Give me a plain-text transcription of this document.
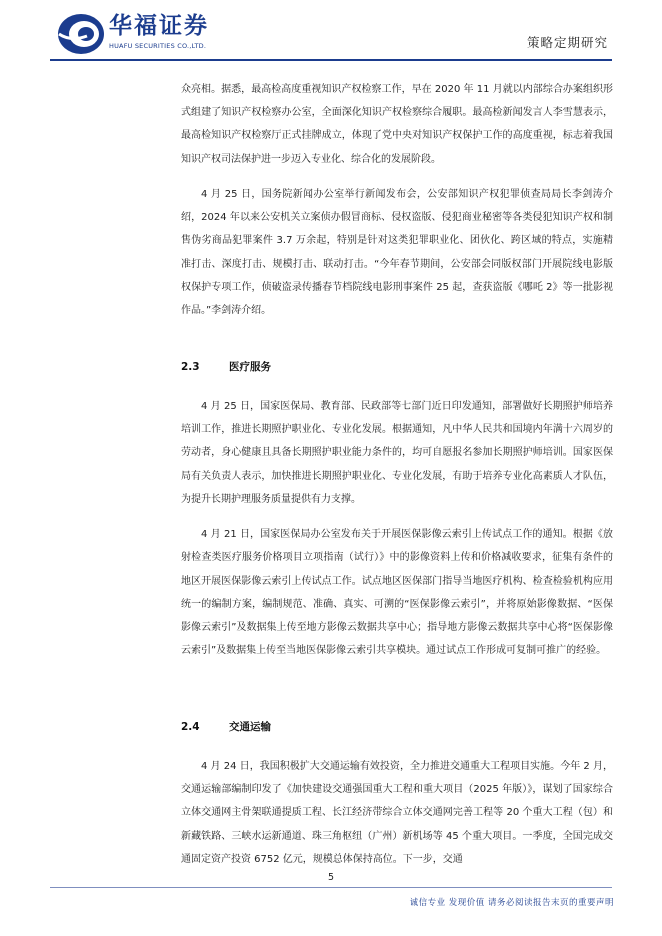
华福证券
HUAFU SECURITIES CO.,LTD.	策略定期研究

众亮相。据悉，最高检高度重视知识产权检察工作，早在 2020 年 11 月就以内部综合办案组织形式组建了知识产权检察办公室，全面深化知识产权检察综合履职。最高检新闻发言人李雪慧表示，最高检知识产权检察厅正式挂牌成立，体现了党中央对知识产权保护工作的高度重视，标志着我国知识产权司法保护进一步迈入专业化、综合化的发展阶段。

4 月 25 日，国务院新闻办公室举行新闻发布会，公安部知识产权犯罪侦查局局长李剑涛介绍，2024 年以来公安机关立案侦办假冒商标、侵权盗版、侵犯商业秘密等各类侵犯知识产权和制售伪劣商品犯罪案件 3.7 万余起，特别是针对这类犯罪职业化、团伙化、跨区域的特点，实施精准打击、深度打击、规模打击、联动打击。“今年春节期间，公安部会同版权部门开展院线电影版权保护专项工作，侦破盗录传播春节档院线电影刑事案件 25 起，查获盗版《哪吒 2》等一批影视作品。”李剑涛介绍。

2.3	医疗服务

4 月 25 日，国家医保局、教育部、民政部等七部门近日印发通知，部署做好长期照护师培养培训工作，推进长期照护职业化、专业化发展。根据通知，凡中华人民共和国境内年满十六周岁的劳动者，身心健康且具备长期照护职业能力条件的，均可自愿报名参加长期照护师培训。国家医保局有关负责人表示，加快推进长期照护职业化、专业化发展，有助于培养专业化高素质人才队伍，为提升长期护理服务质量提供有力支撑。

4 月 21 日，国家医保局办公室发布关于开展医保影像云索引上传试点工作的通知。根据《放射检查类医疗服务价格项目立项指南（试行）》中的影像资料上传和价格减收要求，征集有条件的地区开展医保影像云索引上传试点工作。试点地区医保部门指导当地医疗机构、检查检验机构应用统一的编制方案，编制规范、准确、真实、可溯的“医保影像云索引”，并将原始影像数据、“医保影像云索引”及数据集上传至地方影像云数据共享中心；指导地方影像云数据共享中心将“医保影像云索引”及数据集上传至当地医保影像云索引共享模块。通过试点工作形成可复制可推广的经验。

2.4	交通运输

4 月 24 日，我国积极扩大交通运输有效投资，全力推进交通重大工程项目实施。今年 2 月，交通运输部编制印发了《加快建设交通强国重大工程和重大项目（2025 年版）》，谋划了国家综合立体交通网主骨架联通提质工程、长江经济带综合立体交通网完善工程等 20 个重大工程（包）和新藏铁路、三峡水运新通道、珠三角枢纽（广州）新机场等 45 个重大项目。一季度，全国完成交通固定资产投资 6752 亿元，规模总体保持高位。下一步，交通

5
诚信专业 发现价值 请务必阅读报告末页的重要声明
